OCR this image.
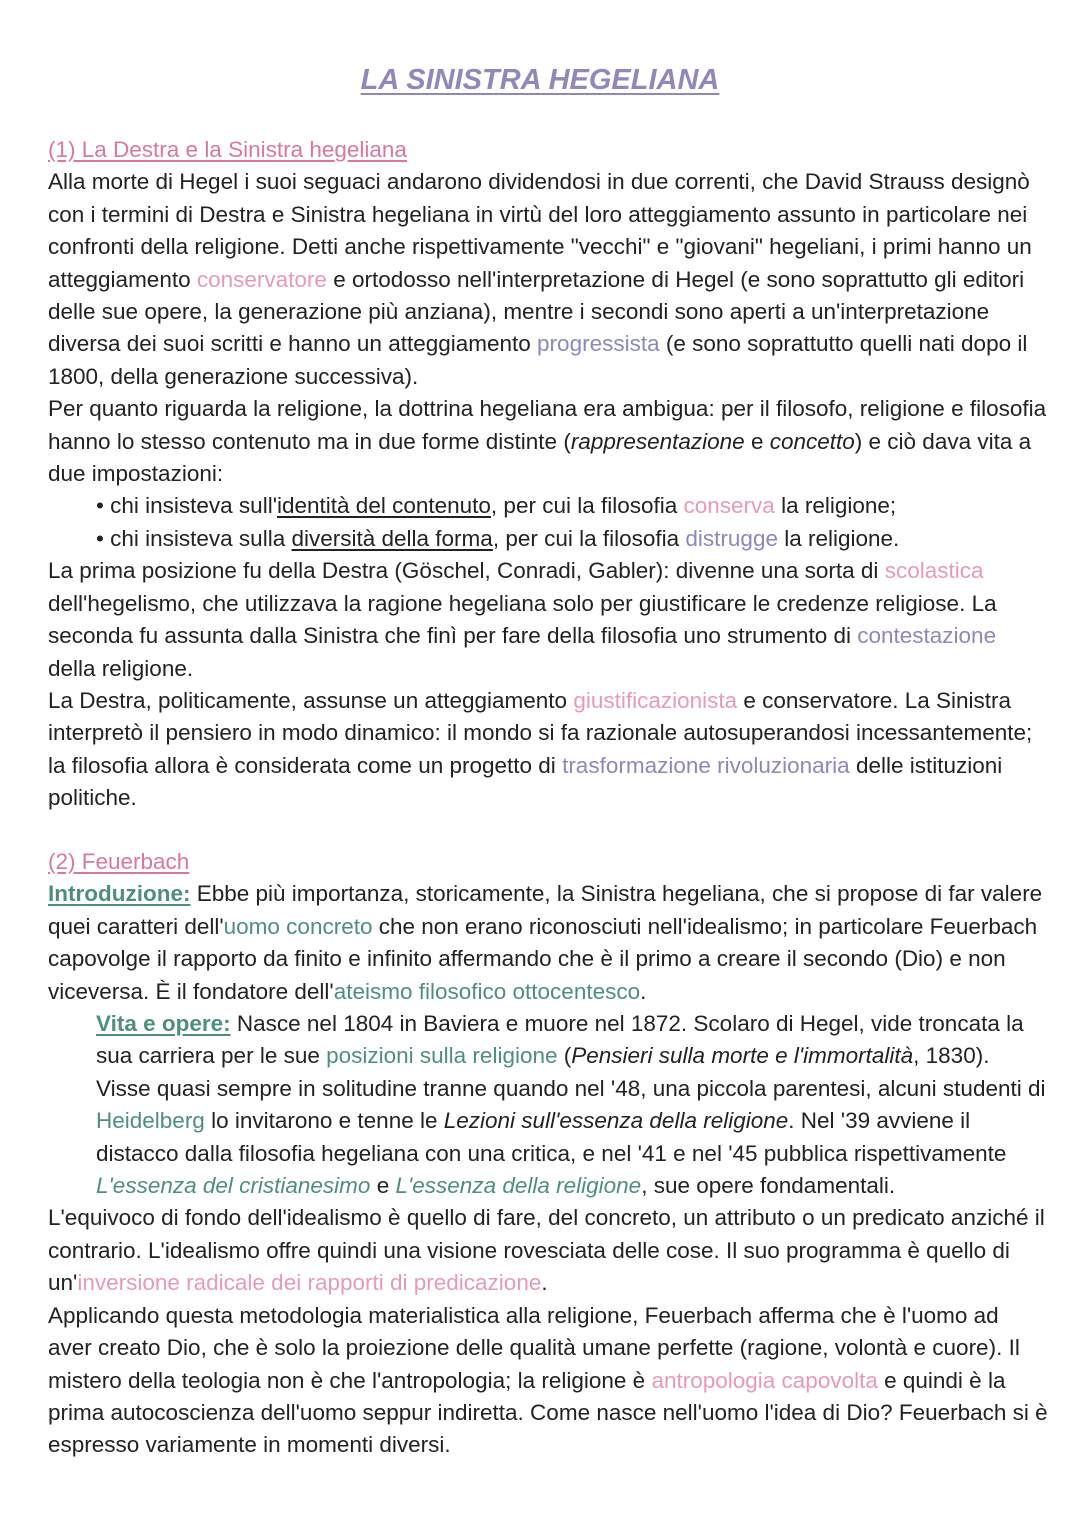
LA SINISTRA HEGELIANA

(1) La Destra e la Sinistra hegeliana

Alla morte di Hegel i suoi seguaci andarono dividendosi in due correnti, che David Strauss designò con i termini di Destra e Sinistra hegeliana in virtù del loro atteggiamento assunto in particolare nei confronti della religione. Detti anche rispettivamente "vecchi" e "giovani" hegeliani, i primi hanno un atteggiamento conservatore e ortodosso nell'interpretazione di Hegel (e sono soprattutto gli editori delle sue opere, la generazione più anziana), mentre i secondi sono aperti a un'interpretazione diversa dei suoi scritti e hanno un atteggiamento progressista (e sono soprattutto quelli nati dopo il 1800, della generazione successiva).

Per quanto riguarda la religione, la dottrina hegeliana era ambigua: per il filosofo, religione e filosofia hanno lo stesso contenuto ma in due forme distinte (rappresentazione e concetto) e ciò dava vita a due impostazioni:

• chi insisteva sull'identità del contenuto, per cui la filosofia conserva la religione;

• chi insisteva sulla diversità della forma, per cui la filosofia distrugge la religione.

La prima posizione fu della Destra (Göschel, Conradi, Gabler): divenne una sorta di scolastica dell'hegelismo, che utilizzava la ragione hegeliana solo per giustificare le credenze religiose. La seconda fu assunta dalla Sinistra che finì per fare della filosofia uno strumento di contestazione della religione.

La Destra, politicamente, assunse un atteggiamento giustificazionista e conservatore. La Sinistra interpretò il pensiero in modo dinamico: il mondo si fa razionale autosuperandosi incessantemente; la filosofia allora è considerata come un progetto di trasformazione rivoluzionaria delle istituzioni politiche.

(2) Feuerbach

Introduzione: Ebbe più importanza, storicamente, la Sinistra hegeliana, che si propose di far valere quei caratteri dell'uomo concreto che non erano riconosciuti nell'idealismo; in particolare Feuerbach capovolge il rapporto da finito e infinito affermando che è il primo a creare il secondo (Dio) e non viceversa. È il fondatore dell'ateismo filosofico ottocentesco.

Vita e opere: Nasce nel 1804 in Baviera e muore nel 1872. Scolaro di Hegel, vide troncata la sua carriera per le sue posizioni sulla religione (Pensieri sulla morte e l'immortalità, 1830). Visse quasi sempre in solitudine tranne quando nel '48, una piccola parentesi, alcuni studenti di Heidelberg lo invitarono e tenne le Lezioni sull'essenza della religione. Nel '39 avviene il distacco dalla filosofia hegeliana con una critica, e nel '41 e nel '45 pubblica rispettivamente L'essenza del cristianesimo e L'essenza della religione, sue opere fondamentali.

L'equivoco di fondo dell'idealismo è quello di fare, del concreto, un attributo o un predicato anziché il contrario. L'idealismo offre quindi una visione rovesciata delle cose. Il suo programma è quello di un'inversione radicale dei rapporti di predicazione.

Applicando questa metodologia materialistica alla religione, Feuerbach afferma che è l'uomo ad aver creato Dio, che è solo la proiezione delle qualità umane perfette (ragione, volontà e cuore). Il mistero della teologia non è che l'antropologia; la religione è antropologia capovolta e quindi è la prima autocoscienza dell'uomo seppur indiretta. Come nasce nell'uomo l'idea di Dio? Feuerbach si è espresso variamente in momenti diversi.
